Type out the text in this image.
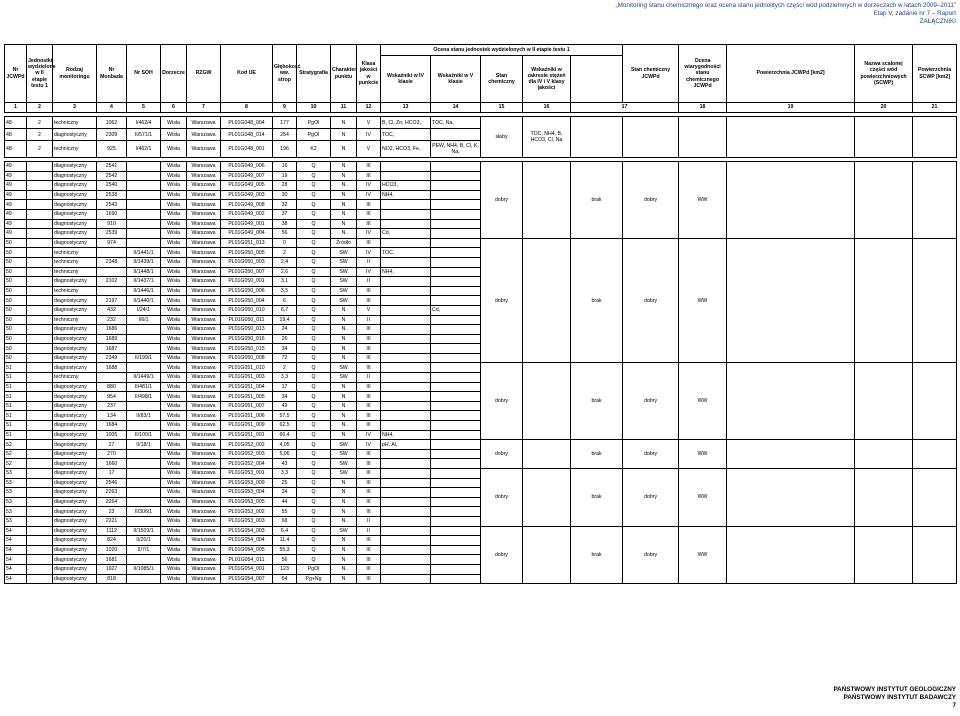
„Monitoring stanu chemicznego oraz ocena stanu jednolitych części wód podziemnych w dorzeczach w latach 2009–2011”
Etap V, zadanie nr 7 – Raport
ZAŁĄCZNIKI
Nr JCWPd	Jednostki wydzielone w II etapie testu 1	Rodzaj monitoringu	Nr Monbada	Nr SOH	Dorzecze	RZGW	Kod UE	Głębokość ww. strop	Stratygrafia	Charakter punktu	Klasa jakości w punkcie	Ocena stanu jednostek wydzielonych w II etapie testu 1					Stan chemiczny JCWPd	Ocena wiarygodności stanu chemicznego JCWPd	Powierzchnia JCWPd [km2]	Nazwa scalonej części wód powierzchniowych (SCWP)	Powierzchnia SCWP [km2]	
												Wskaźniki w IV klasie	Wskaźniki w V klasie	Stan chemiczny	Wskaźniki w zakresie stężeń dla IV i V klasy jakości							
1	2	3	4	5	6	7	8	9	10	11	12	13	14	15	16	17		18	19	20	21	

48	2	techniczny	1062	I/462/4	Wisła	Warszawa	PL01G048_004	177	PgOl	N	V	B, Cl, Zn, HCO3,	TOC, Na,	słaby	TOC, NH4, B, HCO3, Cl, Na							
48	2	diagnostyczny	2309	II/571/1	Wisła	Warszawa	PL01G048_014	254	PgOl	N	IV	TOC,										
48	2	techniczny	925	I/462/1	Wisła	Warszawa	PL01G048_001	196	K2	N	V	NO2, HCO3, Fe,	PEW, NH4, B, Cl, K, Na,									

49		diagnostyczny	2541		Wisła	Warszawa	PL01G049_006	16	Q	N	III			dobry		brak	dobry	WW				
49		diagnostyczny	2542		Wisła	Warszawa	PL01G049_007	19	Q	N	III											
49		diagnostyczny	2540		Wisła	Warszawa	PL01G049_005	28	Q	N	IV	HCO3,										
49		diagnostyczny	2538		Wisła	Warszawa	PL01G049_003	30	Q	N	IV	NH4,										
49		diagnostyczny	2543		Wisła	Warszawa	PL01G049_008	32	Q	N	III											
49		diagnostyczny	1690		Wisła	Warszawa	PL01G049_002	37	Q	N	III											
49		diagnostyczny	910		Wisła	Warszawa	PL01G049_001	38	Q	N	III											
49		diagnostyczny	2539		Wisła	Warszawa	PL01G049_004	56	Q	N	IV	Cd,										
50		diagnostyczny	974		Wisła	Warszawa	PL01G051_013	0	Q	Źródło	III			dobry		brak	dobry	WW				
50		techniczny		II/1441/1	Wisła	Warszawa	PL01G050_005	2	Q	SW	IV	TOC,										
50		techniczny	2348	II/1439/1	Wisła	Warszawa	PL01G050_003	2,4	Q	SW	II											
50		techniczny		II/1448/1	Wisła	Warszawa	PL01G050_007	2,6	Q	SW	IV	NH4,										
50		diagnostyczny	2102	II/1437/1	Wisła	Warszawa	PL01G050_001	3,1	Q	SW	II											
50		techniczny		II/1446/1	Wisła	Warszawa	PL01G050_006	3,5	Q	SW	III											
50		diagnostyczny	2197	II/1440/1	Wisła	Warszawa	PL01G050_004	6	Q	SW	III											
50		diagnostyczny	432	I/24/1	Wisła	Warszawa	PL01G050_010	6,7	Q	N	V		Cd,									
50		techniczny	232	I/6/1	Wisła	Warszawa	PL01G050_011	19,4	Q	N	II											
50		diagnostyczny	1686		Wisła	Warszawa	PL01G050_013	24	Q	N	III											
50		diagnostyczny	1689		Wisła	Warszawa	PL01G050_016	26	Q	N	III											
50		diagnostyczny	1687		Wisła	Warszawa	PL01G050_015	34	Q	N	III											
50		diagnostyczny	2349	II/199/1	Wisła	Warszawa	PL01G050_008	72	Q	N	III											
51		diagnostyczny	1688		Wisła	Warszawa	PL01G051_010	2	Q	SW	III			dobry		brak	dobry	WW				
51		techniczny		II/1449/1	Wisła	Warszawa	PL01G051_003	3,3	Q	SW	II											
51		diagnostyczny	880	II/481/1	Wisła	Warszawa	PL01G051_004	17	Q	N	III											
51		diagnostyczny	954	II/498/1	Wisła	Warszawa	PL01G051_005	34	Q	N	III											
51		diagnostyczny	237		Wisła	Warszawa	PL01G051_007	49	Q	N	III											
51		diagnostyczny	134	II/83/1	Wisła	Warszawa	PL01G051_006	57,5	Q	N	III											
51		diagnostyczny	1684		Wisła	Warszawa	PL01G051_009	62,5	Q	N	III											
51		diagnostyczny	1005	II/100/1	Wisła	Warszawa	PL01G051_001	66,4	Q	N	IV	NH4,										
52		diagnostyczny	27	II/18/1	Wisła	Warszawa	PL01G052_002	4,05	Q	SW	IV	pH, Al,		dobry		brak	dobry	WW				
52		diagnostyczny	270		Wisła	Warszawa	PL01G052_003	5,06	Q	SW	III											
52		diagnostyczny	1660		Wisła	Warszawa	PL01G052_004	43	Q	SW	III											
53		diagnostyczny	17		Wisła	Warszawa	PL01G053_001	3,3	Q	SW	III			dobry		brak	dobry	WW				
53		diagnostyczny	2546		Wisła	Warszawa	PL01G053_009	25	Q	N	III											
53		diagnostyczny	2263		Wisła	Warszawa	PL01G053_004	34	Q	N	III											
53		diagnostyczny	2264		Wisła	Warszawa	PL01G053_005	44	Q	N	III											
53		diagnostyczny	23	II/306/1	Wisła	Warszawa	PL01G053_002	55	Q	N	III											
53		diagnostyczny	2221		Wisła	Warszawa	PL01G053_003	68	Q	N	II											
54		diagnostyczny	1112	II/1503/1	Wisła	Warszawa	PL01G054_003	6,4	Q	SW	II			dobry		brak	dobry	WW				
54		diagnostyczny	824	II/20/1	Wisła	Warszawa	PL01G054_004	11,4	Q	N	III											
54		diagnostyczny	1020	II/7/1	Wisła	Warszawa	PL01G054_005	55,3	Q	N	III											
54		diagnostyczny	1681		Wisła	Warszawa	PL01G054_011	56	Q	N	III											
54		diagnostyczny	1927	II/1085/1	Wisła	Warszawa	PL01G054_001	123	PgOl	N	III											
54		diagnostyczny	818		Wisła	Warszawa	PL01G054_007	64	Pg+Ng	N	III											
PAŃSTWOWY INSTYTUT GEOLOGICZNY
PAŃSTWOWY INSTYTUT BADAWCZY
7
